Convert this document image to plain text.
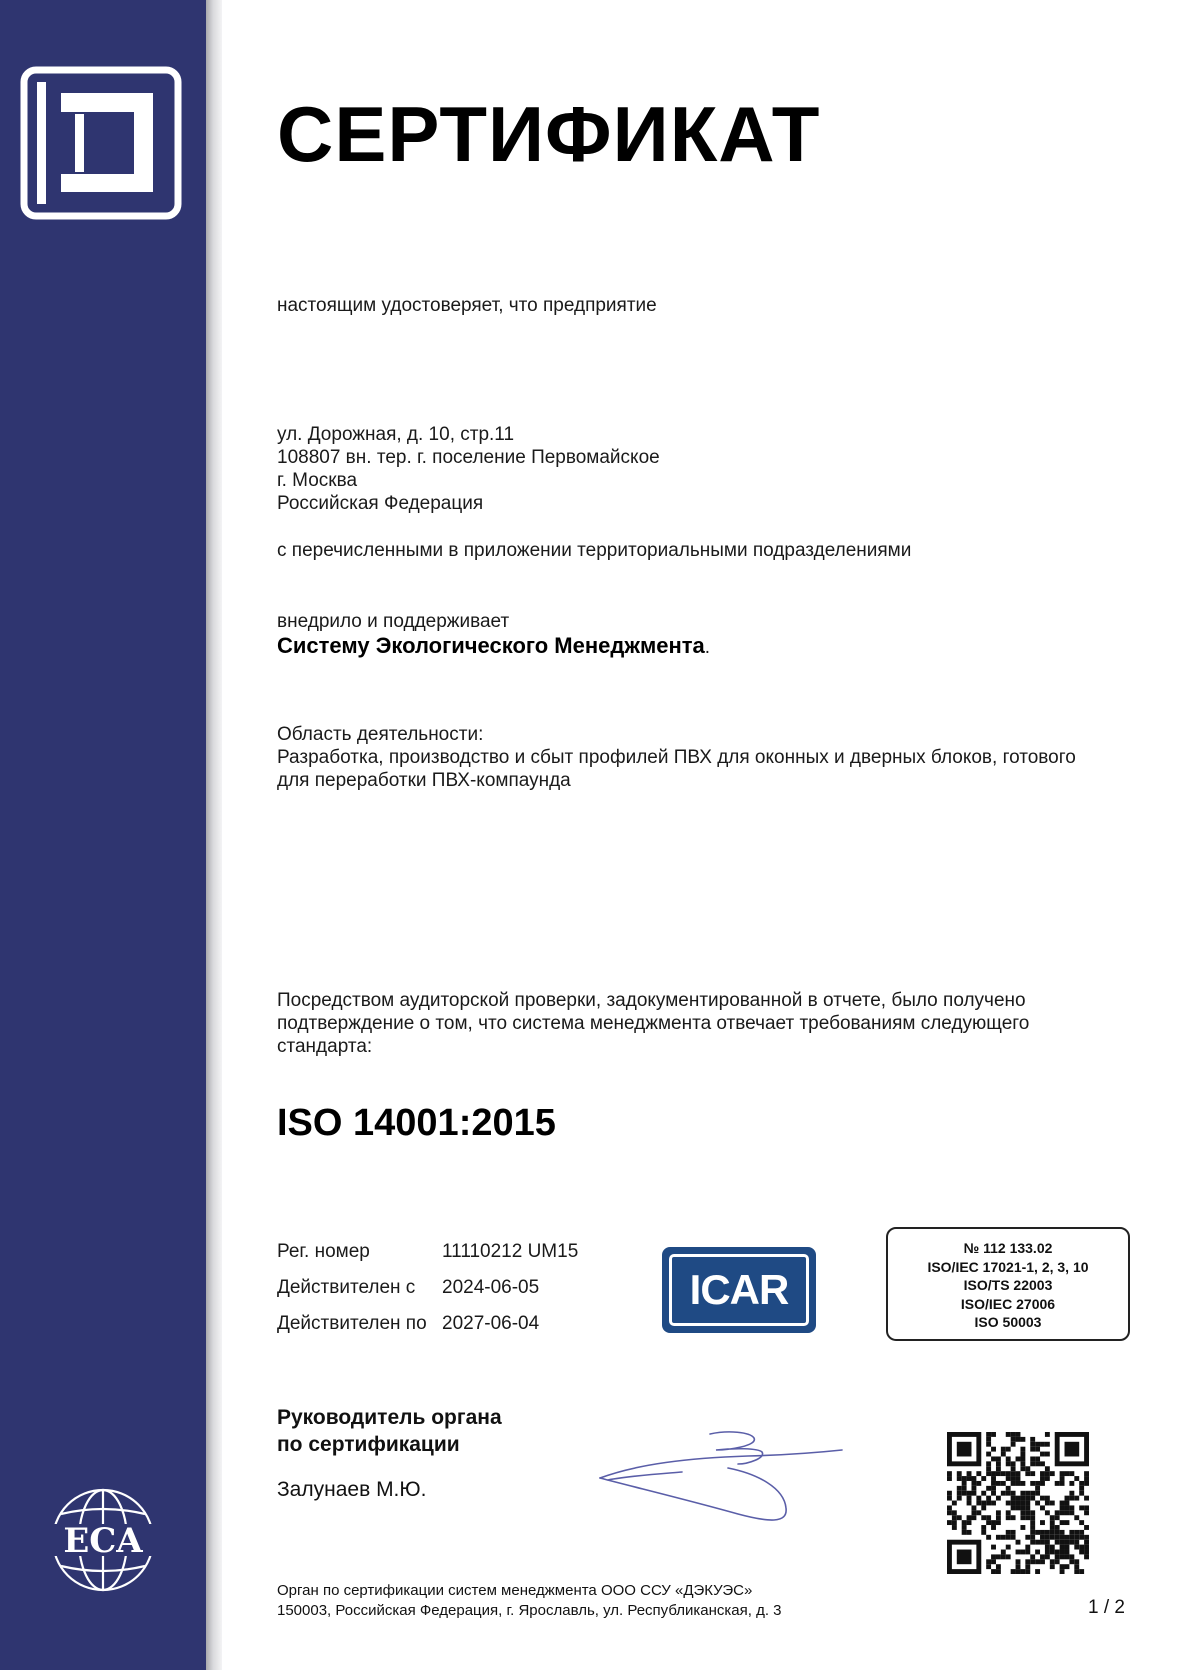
ECA
СЕРТИФИКАТ
настоящим удостоверяет, что предприятие
ул. Дорожная, д. 10, стр.11
108807 вн. тер. г. поселение Первомайское
г. Москва
Российская Федерация
с перечисленными в приложении территориальными подразделениями
внедрило и поддерживает
Систему Экологического Менеджмента.
Область деятельности:
Разработка, производство и сбыт профилей ПВХ для оконных и дверных блоков, готового
для переработки ПВХ-компаунда
Посредством аудиторской проверки, задокументированной в отчете, было получено
подтверждение о том, что система менеджмента отвечает требованиям следующего
стандарта:
ISO 14001:2015
Рег. номер	11110212 UM15
Действителен с	2024-06-05
Действителен по 2027-06-04
ICAR
№ 112 133.02
ISO/IEC 17021-1, 2, 3, 10
ISO/TS 22003
ISO/IEC 27006
ISO 50003
Руководитель органа
по сертификации
Залунаев М.Ю.
Орган по сертификации систем менеджмента ООО ССУ «ДЭКУЭС»
150003, Российская Федерация, г. Ярославль, ул. Республиканская, д. 3	1 / 2
